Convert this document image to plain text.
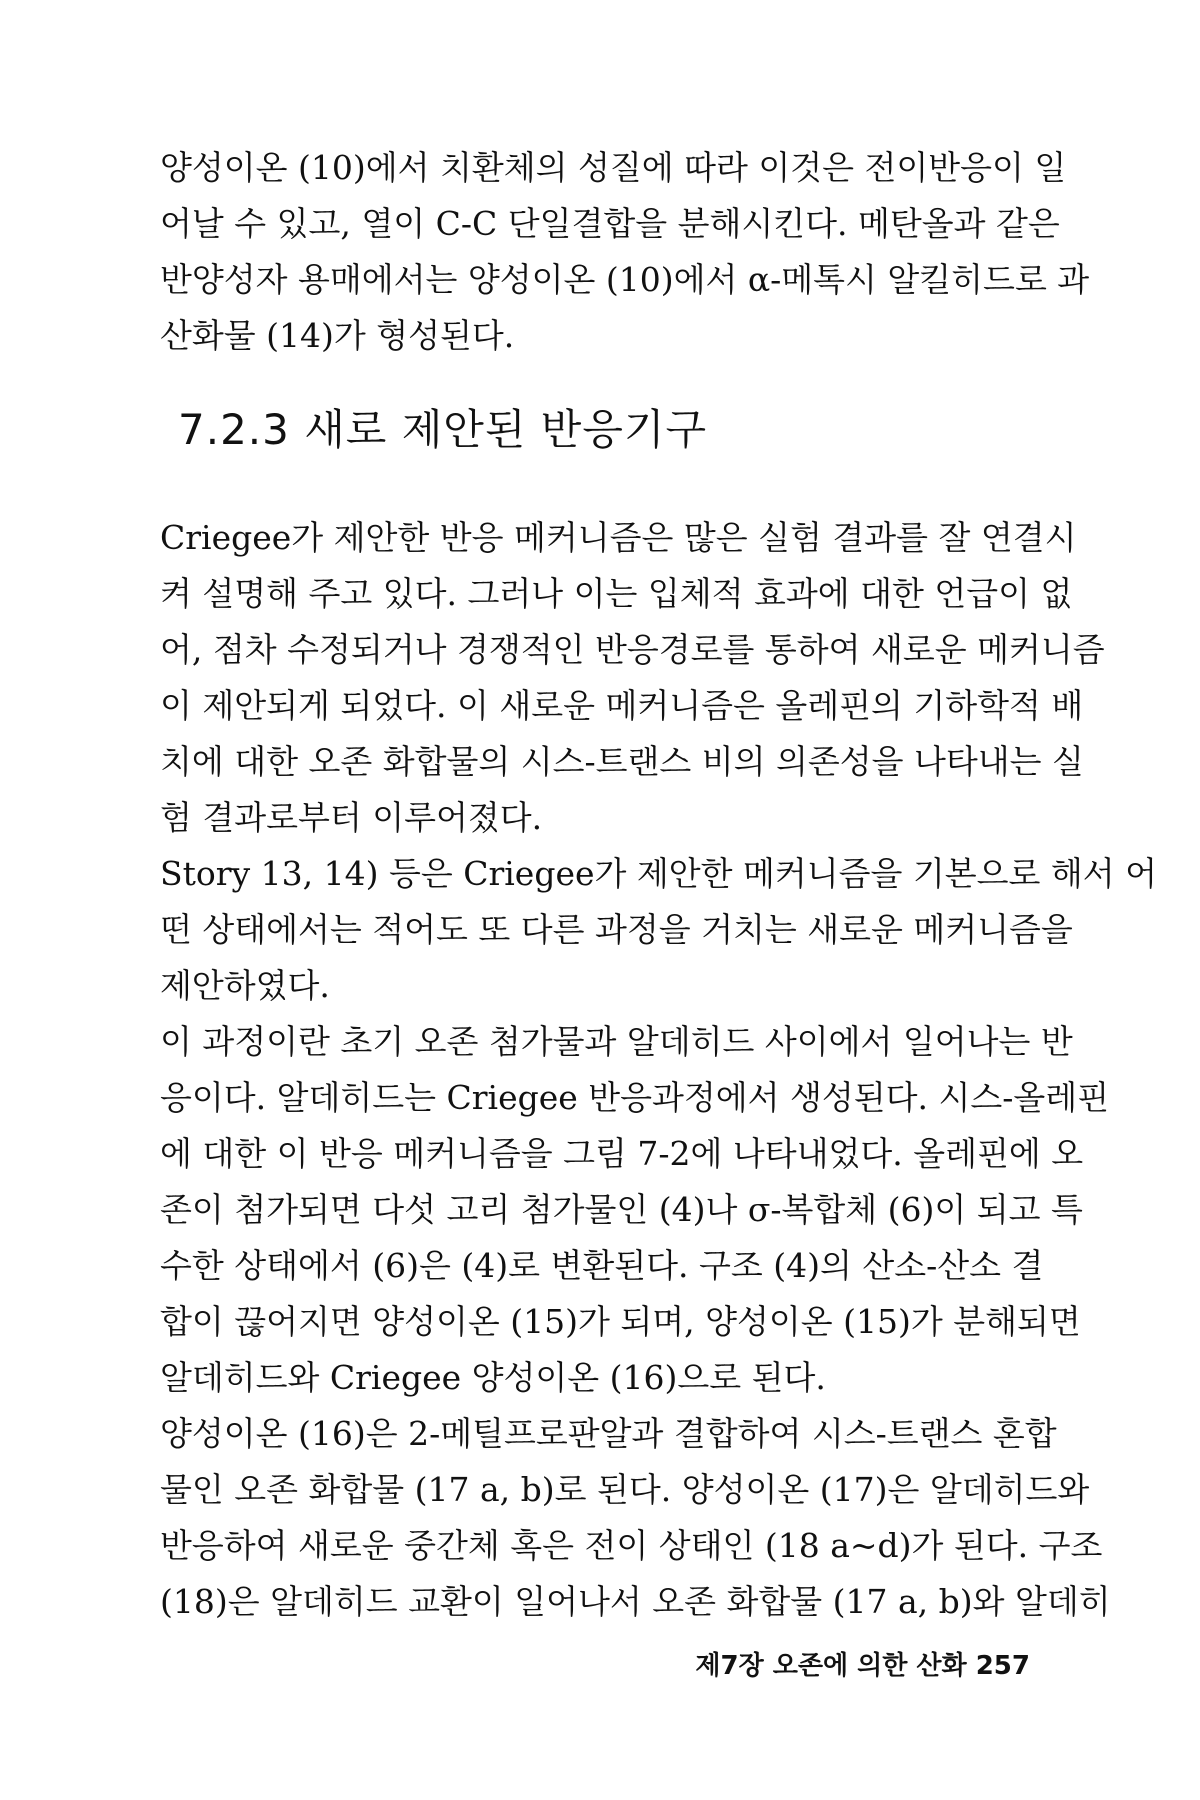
양성이온 (10)에서 치환체의 성질에 따라 이것은 전이반응이 일
어날 수 있고, 열이 C-C 단일결합을 분해시킨다. 메탄올과 같은
반양성자 용매에서는 양성이온 (10)에서 α-메톡시 알킬히드로 과
산화물 (14)가 형성된다.
7.2.3 새로 제안된 반응기구
Criegee가 제안한 반응 메커니즘은 많은 실험 결과를 잘 연결시
켜 설명해 주고 있다. 그러나 이는 입체적 효과에 대한 언급이 없
어, 점차 수정되거나 경쟁적인 반응경로를 통하여 새로운 메커니즘
이 제안되게 되었다. 이 새로운 메커니즘은 올레핀의 기하학적 배
치에 대한 오존 화합물의 시스-트랜스 비의 의존성을 나타내는 실
험 결과로부터 이루어졌다.
Story 13, 14) 등은 Criegee가 제안한 메커니즘을 기본으로 해서 어
떤 상태에서는 적어도 또 다른 과정을 거치는 새로운 메커니즘을
제안하였다.
이 과정이란 초기 오존 첨가물과 알데히드 사이에서 일어나는 반
응이다. 알데히드는 Criegee 반응과정에서 생성된다. 시스-올레핀
에 대한 이 반응 메커니즘을 그림 7-2에 나타내었다. 올레핀에 오
존이 첨가되면 다섯 고리 첨가물인 (4)나 σ-복합체 (6)이 되고 특
수한 상태에서 (6)은 (4)로 변환된다. 구조 (4)의 산소-산소 결
합이 끊어지면 양성이온 (15)가 되며, 양성이온 (15)가 분해되면
알데히드와 Criegee 양성이온 (16)으로 된다.
양성이온 (16)은 2-메틸프로판알과 결합하여 시스-트랜스 혼합
물인 오존 화합물 (17 a, b)로 된다. 양성이온 (17)은 알데히드와
반응하여 새로운 중간체 혹은 전이 상태인 (18 a~d)가 된다. 구조
(18)은 알데히드 교환이 일어나서 오존 화합물 (17 a, b)와 알데히
제7장 오존에 의한 산화 257
